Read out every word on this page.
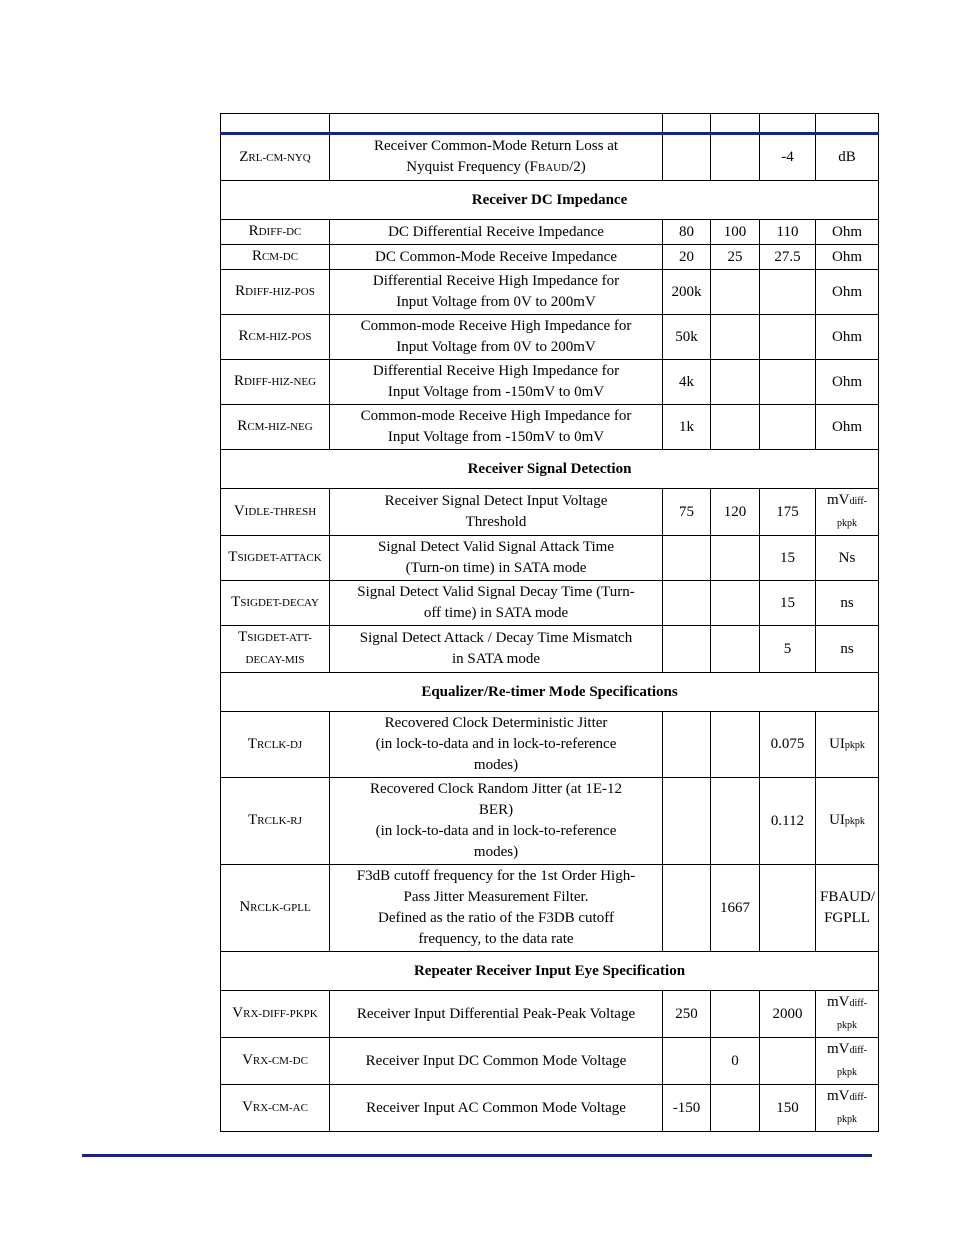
ZRL-CM-NYQ	Receiver Common-Mode Return Loss at
Nyquist Frequency (FBAUD/2)			-4	dB
Receiver DC Impedance					
RDIFF-DC	DC Differential Receive Impedance	80	100	110	Ohm
RCM-DC	DC Common-Mode Receive Impedance	20	25	27.5	Ohm
RDIFF-HIZ-POS	Differential Receive High Impedance for
Input Voltage from 0V to 200mV	200k			Ohm
RCM-HIZ-POS	Common-mode Receive High Impedance for
Input Voltage from 0V to 200mV	50k			Ohm
RDIFF-HIZ-NEG	Differential Receive High Impedance for
Input Voltage from -150mV to 0mV	4k			Ohm
RCM-HIZ-NEG	Common-mode Receive High Impedance for
Input Voltage from -150mV to 0mV	1k			Ohm
Receiver Signal Detection					
VIDLE-THRESH	Receiver Signal Detect Input Voltage
Threshold	75	120	175	mVdiff-pkpk
TSIGDET-ATTACK	Signal Detect Valid Signal Attack Time
(Turn-on time) in SATA mode			15	Ns
TSIGDET-DECAY	Signal Detect Valid Signal Decay Time (Turn-
off time) in SATA mode			15	ns
TSIGDET-ATT-DECAY-MIS	Signal Detect Attack / Decay Time Mismatch
in SATA mode			5	ns
Equalizer/Re-timer Mode Specifications					
TRCLK-DJ	Recovered Clock Deterministic Jitter
(in lock-to-data and in lock-to-reference
modes)			0.075	UIpkpk
TRCLK-RJ	Recovered Clock Random Jitter (at 1E-12
BER)
(in lock-to-data and in lock-to-reference
modes)			0.112	UIpkpk
NRCLK-GPLL	F3dB cutoff frequency for the 1st Order High-
Pass Jitter Measurement Filter.
Defined as the ratio of the F3DB cutoff
frequency, to the data rate		1667		FBAUD/ FGPLL
Repeater Receiver Input Eye Specification					
VRX-DIFF-PKPK	Receiver Input Differential Peak-Peak Voltage	250		2000	mVdiff-pkpk
VRX-CM-DC	Receiver Input DC Common Mode Voltage		0		mVdiff-pkpk
VRX-CM-AC	Receiver Input AC Common Mode Voltage	-150		150	mVdiff-pkpk
